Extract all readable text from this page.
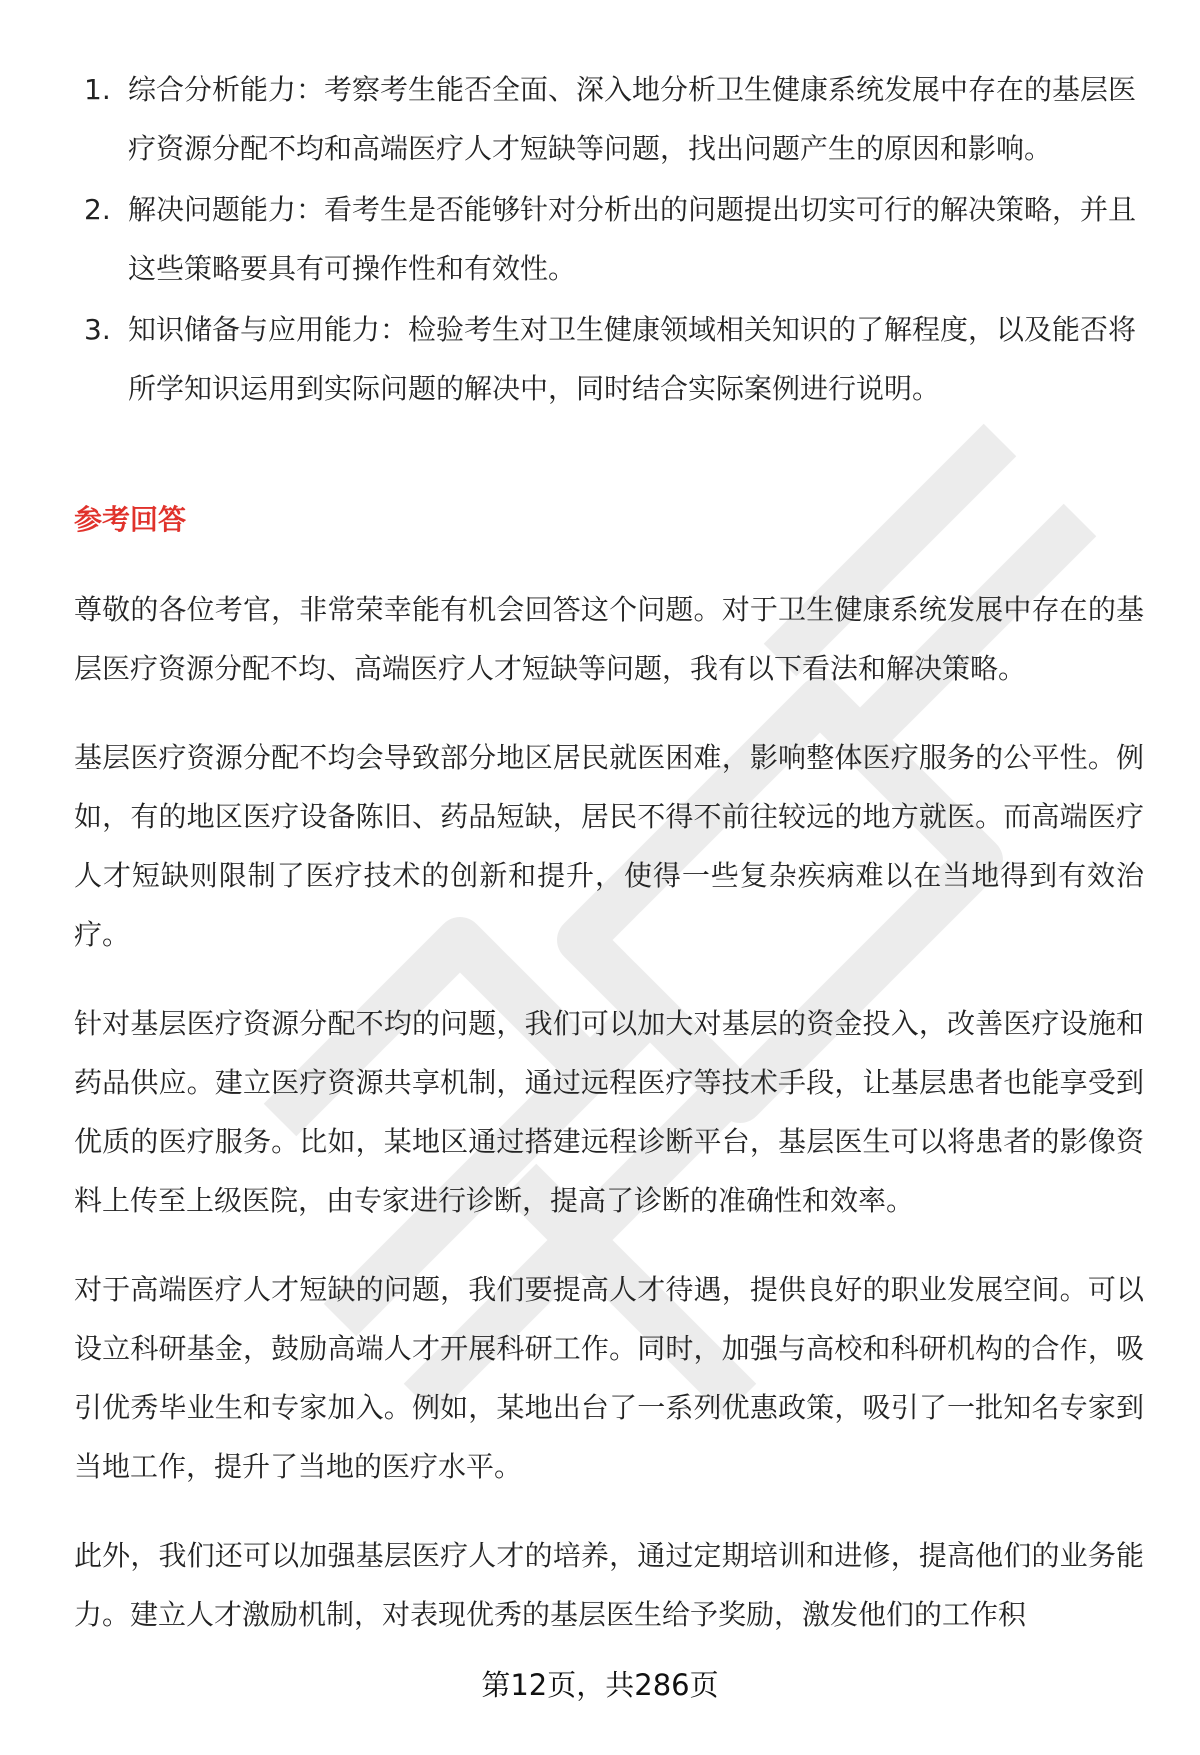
1. 综合分析能力：考察考生能否全面、深入地分析卫生健康系统发展中存在的基层医疗资源分配不均和高端医疗人才短缺等问题，找出问题产生的原因和影响。
2. 解决问题能力：看考生是否能够针对分析出的问题提出切实可行的解决策略，并且这些策略要具有可操作性和有效性。
3. 知识储备与应用能力：检验考生对卫生健康领域相关知识的了解程度，以及能否将所学知识运用到实际问题的解决中，同时结合实际案例进行说明。
参考回答

尊敬的各位考官，非常荣幸能有机会回答这个问题。对于卫生健康系统发展中存在的基层医疗资源分配不均、高端医疗人才短缺等问题，我有以下看法和解决策略。

基层医疗资源分配不均会导致部分地区居民就医困难，影响整体医疗服务的公平性。例如，有的地区医疗设备陈旧、药品短缺，居民不得不前往较远的地方就医。而高端医疗人才短缺则限制了医疗技术的创新和提升，使得一些复杂疾病难以在当地得到有效治疗。

针对基层医疗资源分配不均的问题，我们可以加大对基层的资金投入，改善医疗设施和药品供应。建立医疗资源共享机制，通过远程医疗等技术手段，让基层患者也能享受到优质的医疗服务。比如，某地区通过搭建远程诊断平台，基层医生可以将患者的影像资料上传至上级医院，由专家进行诊断，提高了诊断的准确性和效率。

对于高端医疗人才短缺的问题，我们要提高人才待遇，提供良好的职业发展空间。可以设立科研基金，鼓励高端人才开展科研工作。同时，加强与高校和科研机构的合作，吸引优秀毕业生和专家加入。例如，某地出台了一系列优惠政策，吸引了一批知名专家到当地工作，提升了当地的医疗水平。

此外，我们还可以加强基层医疗人才的培养，通过定期培训和进修，提高他们的业务能力。建立人才激励机制，对表现优秀的基层医生给予奖励，激发他们的工作积

第12页，共286页
